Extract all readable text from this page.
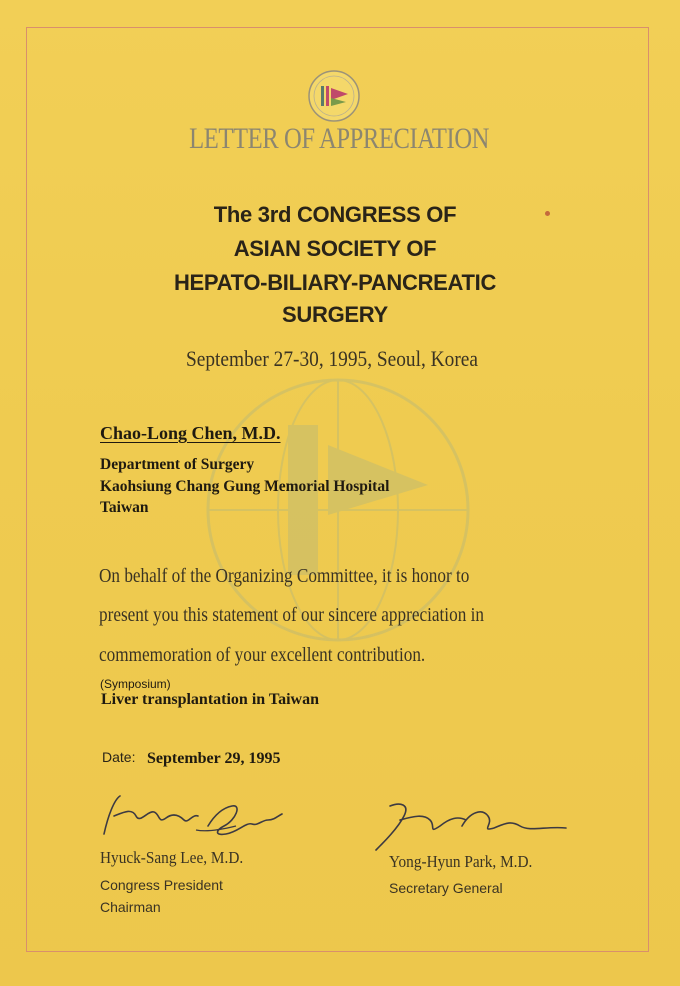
LETTER OF APPRECIATION
The 3rd CONGRESS OF
ASIAN SOCIETY OF
HEPATO-BILIARY-PANCREATIC
SURGERY
September 27-30, 1995, Seoul, Korea
Chao-Long Chen, M.D.
Department of Surgery
Kaohsiung Chang Gung Memorial Hospital
Taiwan
On behalf of the Organizing Committee, it is honor to
present you this statement of our sincere appreciation in
commemoration of your excellent contribution.
(Symposium)
Liver transplantation in Taiwan
Date: September 29, 1995
Hyuck-Sang Lee, M.D.
Congress President
Chairman
Yong-Hyun Park, M.D.
Secretary General
